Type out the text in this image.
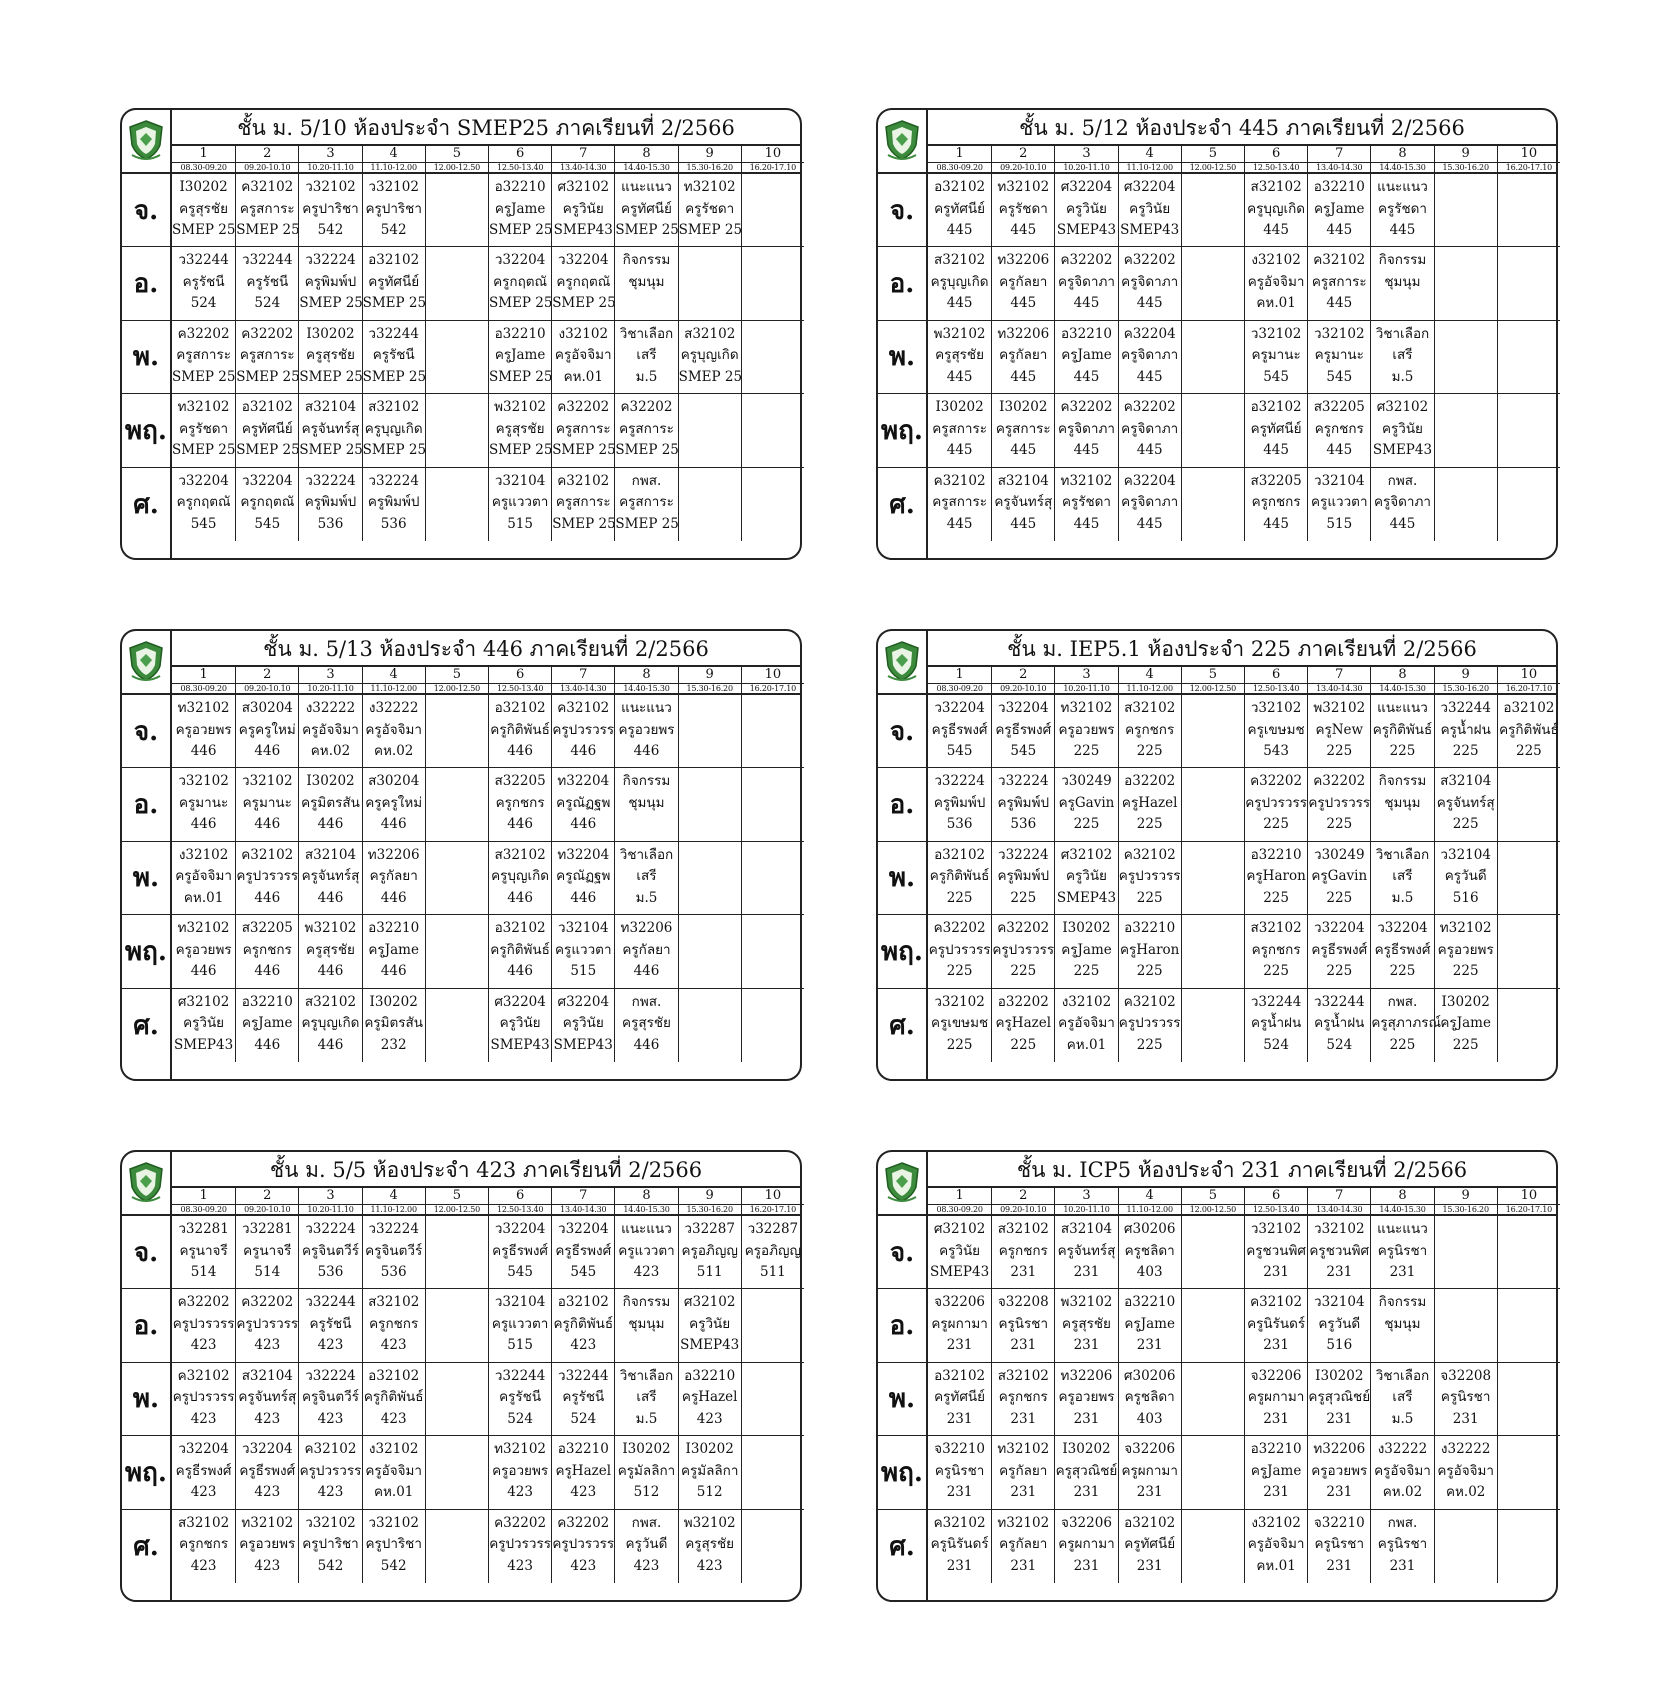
ชั้น ม. 5/10 ห้องประจำ SMEP25 ภาคเรียนที่ 2/2566
1
08.30-09.20
2
09.20-10.10
3
10.20-11.10
4
11.10-12.00
5
12.00-12.50
6
12.50-13.40
7
13.40-14.30
8
14.40-15.30
9
15.30-16.20
10
16.20-17.10
จ.
อ.
พ.
พฤ.
ศ.
I30202
ครูสุรชัย
SMEP 25
ค32102
ครูสการะ
SMEP 25
ว32102
ครูปาริชา
542
ว32102
ครูปาริชา
542
อ32210
ครูJame
SMEP 25
ศ32102
ครูวินัย
SMEP43
แนะแนว
ครูทัศนีย์
SMEP 25
ท32102
ครูรัชดา
SMEP 25
ว32244
ครูรัชนี
524
ว32244
ครูรัชนี
524
ว32224
ครูพิมพ์ป
SMEP 25
อ32102
ครูทัศนีย์
SMEP 25
ว32204
ครูกฤตณั
SMEP 25
ว32204
ครูกฤตณั
SMEP 25
กิจกรรม
ชุมนุม
ค32202
ครูสการะ
SMEP 25
ค32202
ครูสการะ
SMEP 25
I30202
ครูสุรชัย
SMEP 25
ว32244
ครูรัชนี
SMEP 25
อ32210
ครูJame
SMEP 25
ง32102
ครูอัจจิมา
คห.01
วิชาเลือก
เสรี
ม.5
ส32102
ครูบุญเกิด
SMEP 25
ท32102
ครูรัชดา
SMEP 25
อ32102
ครูทัศนีย์
SMEP 25
ส32104
ครูจันทร์สุ
SMEP 25
ส32102
ครูบุญเกิด
SMEP 25
พ32102
ครูสุรชัย
SMEP 25
ค32202
ครูสการะ
SMEP 25
ค32202
ครูสการะ
SMEP 25
ว32204
ครูกฤตณั
545
ว32204
ครูกฤตณั
545
ว32224
ครูพิมพ์ป
536
ว32224
ครูพิมพ์ป
536
ว32104
ครูแววตา
515
ค32102
ครูสการะ
SMEP 25
กพส.
ครูสการะ
SMEP 25
ชั้น ม. 5/12 ห้องประจำ 445 ภาคเรียนที่ 2/2566
1
08.30-09.20
2
09.20-10.10
3
10.20-11.10
4
11.10-12.00
5
12.00-12.50
6
12.50-13.40
7
13.40-14.30
8
14.40-15.30
9
15.30-16.20
10
16.20-17.10
จ.
อ.
พ.
พฤ.
ศ.
อ32102
ครูทัศนีย์
445
ท32102
ครูรัชดา
445
ศ32204
ครูวินัย
SMEP43
ศ32204
ครูวินัย
SMEP43
ส32102
ครูบุญเกิด
445
อ32210
ครูJame
445
แนะแนว
ครูรัชดา
445
ส32102
ครูบุญเกิด
445
ท32206
ครูกัลยา
445
ค32202
ครูจิดาภา
445
ค32202
ครูจิดาภา
445
ง32102
ครูอัจจิมา
คห.01
ค32102
ครูสการะ
445
กิจกรรม
ชุมนุม
พ32102
ครูสุรชัย
445
ท32206
ครูกัลยา
445
อ32210
ครูJame
445
ค32204
ครูจิดาภา
445
ว32102
ครูมานะ
545
ว32102
ครูมานะ
545
วิชาเลือก
เสรี
ม.5
I30202
ครูสการะ
445
I30202
ครูสการะ
445
ค32202
ครูจิดาภา
445
ค32202
ครูจิดาภา
445
อ32102
ครูทัศนีย์
445
ส32205
ครูกชกร
445
ศ32102
ครูวินัย
SMEP43
ค32102
ครูสการะ
445
ส32104
ครูจันทร์สุ
445
ท32102
ครูรัชดา
445
ค32204
ครูจิดาภา
445
ส32205
ครูกชกร
445
ว32104
ครูแววตา
515
กพส.
ครูจิดาภา
445
ชั้น ม. 5/13 ห้องประจำ 446 ภาคเรียนที่ 2/2566
1
08.30-09.20
2
09.20-10.10
3
10.20-11.10
4
11.10-12.00
5
12.00-12.50
6
12.50-13.40
7
13.40-14.30
8
14.40-15.30
9
15.30-16.20
10
16.20-17.10
จ.
อ.
พ.
พฤ.
ศ.
ท32102
ครูอวยพร
446
ส30204
ครูครูใหม่
446
ง32222
ครูอัจจิมา
คห.02
ง32222
ครูอัจจิมา
คห.02
อ32102
ครูกิติพันธ์
446
ค32102
ครูปวรวรร
446
แนะแนว
ครูอวยพร
446
ว32102
ครูมานะ
446
ว32102
ครูมานะ
446
I30202
ครูมิตรสัน
446
ส30204
ครูครูใหม่
446
ส32205
ครูกชกร
446
ท32204
ครูณัฏฐพ
446
กิจกรรม
ชุมนุม
ง32102
ครูอัจจิมา
คห.01
ค32102
ครูปวรวรร
446
ส32104
ครูจันทร์สุ
446
ท32206
ครูกัลยา
446
ส32102
ครูบุญเกิด
446
ท32204
ครูณัฏฐพ
446
วิชาเลือก
เสรี
ม.5
ท32102
ครูอวยพร
446
ส32205
ครูกชกร
446
พ32102
ครูสุรชัย
446
อ32210
ครูJame
446
อ32102
ครูกิติพันธ์
446
ว32104
ครูแววตา
515
ท32206
ครูกัลยา
446
ศ32102
ครูวินัย
SMEP43
อ32210
ครูJame
446
ส32102
ครูบุญเกิด
446
I30202
ครูมิตรสัน
232
ศ32204
ครูวินัย
SMEP43
ศ32204
ครูวินัย
SMEP43
กพส.
ครูสุรชัย
446
ชั้น ม. IEP5.1 ห้องประจำ 225 ภาคเรียนที่ 2/2566
1
08.30-09.20
2
09.20-10.10
3
10.20-11.10
4
11.10-12.00
5
12.00-12.50
6
12.50-13.40
7
13.40-14.30
8
14.40-15.30
9
15.30-16.20
10
16.20-17.10
จ.
อ.
พ.
พฤ.
ศ.
ว32204
ครูธีรพงศ์
545
ว32204
ครูธีรพงศ์
545
ท32102
ครูอวยพร
225
ส32102
ครูกชกร
225
ว32102
ครูเขษมช
543
พ32102
ครูNew
225
แนะแนว
ครูกิติพันธ์
225
ว32244
ครูน้ำฝน
225
อ32102
ครูกิติพันธ์
225
ว32224
ครูพิมพ์ป
536
ว32224
ครูพิมพ์ป
536
ว30249
ครูGavin
225
อ32202
ครูHazel
225
ค32202
ครูปวรวรร
225
ค32202
ครูปวรวรร
225
กิจกรรม
ชุมนุม
ส32104
ครูจันทร์สุ
225
อ32102
ครูกิติพันธ์
225
ว32224
ครูพิมพ์ป
225
ศ32102
ครูวินัย
SMEP43
ค32102
ครูปวรวรร
225
อ32210
ครูHaron
225
ว30249
ครูGavin
225
วิชาเลือก
เสรี
ม.5
ว32104
ครูวันดี
516
ค32202
ครูปวรวรร
225
ค32202
ครูปวรวรร
225
I30202
ครูJame
225
อ32210
ครูHaron
225
ส32102
ครูกชกร
225
ว32204
ครูธีรพงศ์
225
ว32204
ครูธีรพงศ์
225
ท32102
ครูอวยพร
225
ว32102
ครูเขษมช
225
อ32202
ครูHazel
225
ง32102
ครูอัจจิมา
คห.01
ค32102
ครูปวรวรร
225
ว32244
ครูน้ำฝน
524
ว32244
ครูน้ำฝน
524
กพส.
ครูสุภาภรณ์
225
I30202
ครูJame
225
ชั้น ม. 5/5 ห้องประจำ 423 ภาคเรียนที่ 2/2566
1
08.30-09.20
2
09.20-10.10
3
10.20-11.10
4
11.10-12.00
5
12.00-12.50
6
12.50-13.40
7
13.40-14.30
8
14.40-15.30
9
15.30-16.20
10
16.20-17.10
จ.
อ.
พ.
พฤ.
ศ.
ว32281
ครูนาจรี
514
ว32281
ครูนาจรี
514
ว32224
ครูจินตวีร์
536
ว32224
ครูจินตวีร์
536
ว32204
ครูธีรพงศ์
545
ว32204
ครูธีรพงศ์
545
แนะแนว
ครูแววตา
423
ว32287
ครูอภิญญ
511
ว32287
ครูอภิญญ
511
ค32202
ครูปวรวรร
423
ค32202
ครูปวรวรร
423
ว32244
ครูรัชนี
423
ส32102
ครูกชกร
423
ว32104
ครูแววตา
515
อ32102
ครูกิติพันธ์
423
กิจกรรม
ชุมนุม
ศ32102
ครูวินัย
SMEP43
ค32102
ครูปวรวรร
423
ส32104
ครูจันทร์สุ
423
ว32224
ครูจินตวีร์
423
อ32102
ครูกิติพันธ์
423
ว32244
ครูรัชนี
524
ว32244
ครูรัชนี
524
วิชาเลือก
เสรี
ม.5
อ32210
ครูHazel
423
ว32204
ครูธีรพงศ์
423
ว32204
ครูธีรพงศ์
423
ค32102
ครูปวรวรร
423
ง32102
ครูอัจจิมา
คห.01
ท32102
ครูอวยพร
423
อ32210
ครูHazel
423
I30202
ครูมัลลิกา
512
I30202
ครูมัลลิกา
512
ส32102
ครูกชกร
423
ท32102
ครูอวยพร
423
ว32102
ครูปาริชา
542
ว32102
ครูปาริชา
542
ค32202
ครูปวรวรร
423
ค32202
ครูปวรวรร
423
กพส.
ครูวันดี
423
พ32102
ครูสุรชัย
423
ชั้น ม. ICP5 ห้องประจำ 231 ภาคเรียนที่ 2/2566
1
08.30-09.20
2
09.20-10.10
3
10.20-11.10
4
11.10-12.00
5
12.00-12.50
6
12.50-13.40
7
13.40-14.30
8
14.40-15.30
9
15.30-16.20
10
16.20-17.10
จ.
อ.
พ.
พฤ.
ศ.
ศ32102
ครูวินัย
SMEP43
ส32102
ครูกชกร
231
ส32104
ครูจันทร์สุ
231
ศ30206
ครูชลิดา
403
ว32102
ครูชวนพิศ
231
ว32102
ครูชวนพิศ
231
แนะแนว
ครูนิรชา
231
จ32206
ครูผกามา
231
จ32208
ครูนิรชา
231
พ32102
ครูสุรชัย
231
อ32210
ครูJame
231
ค32102
ครูนิรันดร์
231
ว32104
ครูวันดี
516
กิจกรรม
ชุมนุม
อ32102
ครูทัศนีย์
231
ส32102
ครูกชกร
231
ท32206
ครูอวยพร
231
ศ30206
ครูชลิดา
403
จ32206
ครูผกามา
231
I30202
ครูสุวณิชย์
231
วิชาเลือก
เสรี
ม.5
จ32208
ครูนิรชา
231
จ32210
ครูนิรชา
231
ท32102
ครูกัลยา
231
I30202
ครูสุวณิชย์
231
จ32206
ครูผกามา
231
อ32210
ครูJame
231
ท32206
ครูอวยพร
231
ง32222
ครูอัจจิมา
คห.02
ง32222
ครูอัจจิมา
คห.02
ค32102
ครูนิรันดร์
231
ท32102
ครูกัลยา
231
จ32206
ครูผกามา
231
อ32102
ครูทัศนีย์
231
ง32102
ครูอัจจิมา
คห.01
จ32210
ครูนิรชา
231
กพส.
ครูนิรชา
231
